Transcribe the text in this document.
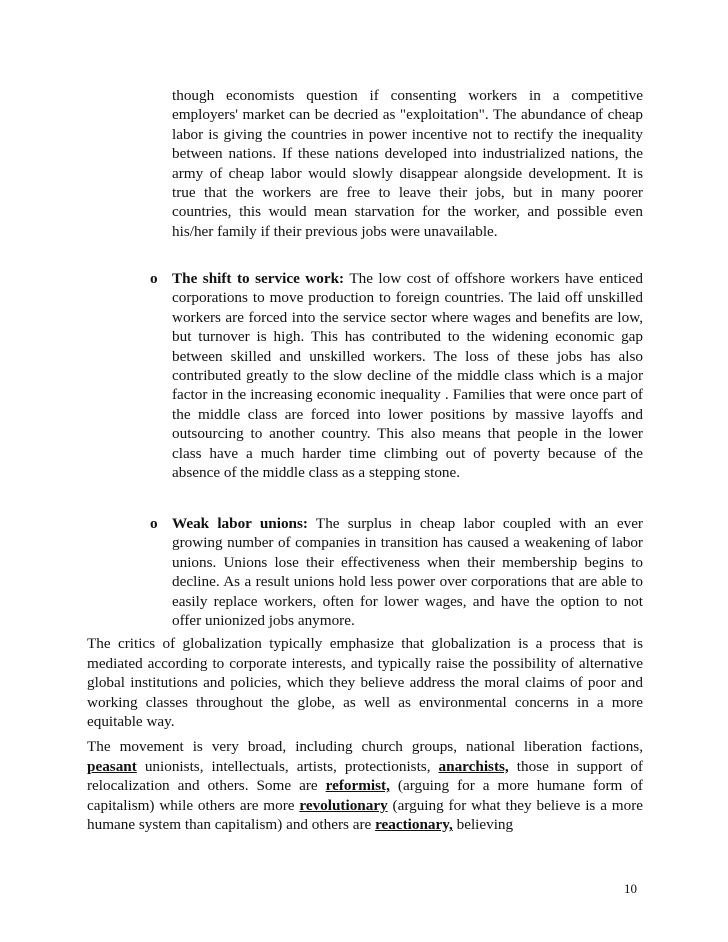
though economists question if consenting workers in a competitive employers' market can be decried as "exploitation". The abundance of cheap labor is giving the countries in power incentive not to rectify the inequality between nations. If these nations developed into industrialized nations, the army of cheap labor would slowly disappear alongside development. It is true that the workers are free to leave their jobs, but in many poorer countries, this would mean starvation for the worker, and possible even his/her family if their previous jobs were unavailable.

o The shift to service work: The low cost of offshore workers have enticed corporations to move production to foreign countries. The laid off unskilled workers are forced into the service sector where wages and benefits are low, but turnover is high. This has contributed to the widening economic gap between skilled and unskilled workers. The loss of these jobs has also contributed greatly to the slow decline of the middle class which is a major factor in the increasing economic inequality . Families that were once part of the middle class are forced into lower positions by massive layoffs and outsourcing to another country. This also means that people in the lower class have a much harder time climbing out of poverty because of the absence of the middle class as a stepping stone.

o Weak labor unions: The surplus in cheap labor coupled with an ever growing number of companies in transition has caused a weakening of labor unions. Unions lose their effectiveness when their membership begins to decline. As a result unions hold less power over corporations that are able to easily replace workers, often for lower wages, and have the option to not offer unionized jobs anymore.

The critics of globalization typically emphasize that globalization is a process that is mediated according to corporate interests, and typically raise the possibility of alternative global institutions and policies, which they believe address the moral claims of poor and working classes throughout the globe, as well as environmental concerns in a more equitable way.

The movement is very broad, including church groups, national liberation factions, peasant unionists, intellectuals, artists, protectionists, anarchists, those in support of relocalization and others. Some are reformist, (arguing for a more humane form of capitalism) while others are more revolutionary (arguing for what they believe is a more humane system than capitalism) and others are reactionary, believing

10
